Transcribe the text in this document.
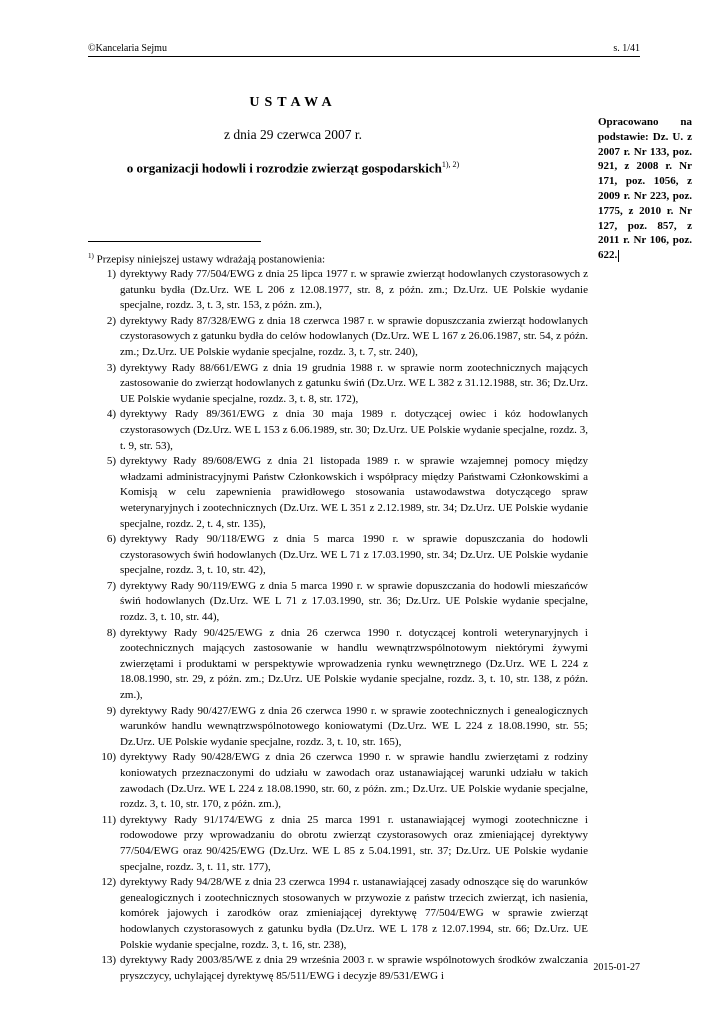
©Kancelaria Sejmu	s. 1/41
USTAWA
z dnia 29 czerwca 2007 r.
o organizacji hodowli i rozrodzie zwierząt gospodarskich$^{1), 2)}$
Opracowano na podstawie: Dz. U. z 2007 r. Nr 133, poz. 921, z 2008 r. Nr 171, poz. 1056, z 2009 r. Nr 223, poz. 1775, z 2010 r. Nr 127, poz. 857, z 2011 r. Nr 106, poz. 622.
$^{1)}$ Przepisy niniejszej ustawy wdrażają postanowienia:
1) dyrektywy Rady 77/504/EWG z dnia 25 lipca 1977 r. w sprawie zwierząt hodowlanych czystorasowych z gatunku bydła (Dz.Urz. WE L 206 z 12.08.1977, str. 8, z późn. zm.; Dz.Urz. UE Polskie wydanie specjalne, rozdz. 3, t. 3, str. 153, z późn. zm.),
2) dyrektywy Rady 87/328/EWG z dnia 18 czerwca 1987 r. w sprawie dopuszczania zwierząt hodowlanych czystorasowych z gatunku bydła do celów hodowlanych (Dz.Urz. WE L 167 z 26.06.1987, str. 54, z późn. zm.; Dz.Urz. UE Polskie wydanie specjalne, rozdz. 3, t. 7, str. 240),
3) dyrektywy Rady 88/661/EWG z dnia 19 grudnia 1988 r. w sprawie norm zootechnicznych mających zastosowanie do zwierząt hodowlanych z gatunku świń (Dz.Urz. WE L 382 z 31.12.1988, str. 36; Dz.Urz. UE Polskie wydanie specjalne, rozdz. 3, t. 8, str. 172),
4) dyrektywy Rady 89/361/EWG z dnia 30 maja 1989 r. dotyczącej owiec i kóz hodowlanych czystorasowych (Dz.Urz. WE L 153 z 6.06.1989, str. 30; Dz.Urz. UE Polskie wydanie specjalne, rozdz. 3, t. 9, str. 53),
5) dyrektywy Rady 89/608/EWG z dnia 21 listopada 1989 r. w sprawie wzajemnej pomocy między władzami administracyjnymi Państw Członkowskich i współpracy między Państwami Członkowskimi a Komisją w celu zapewnienia prawidłowego stosowania ustawodawstwa dotyczącego spraw weterynaryjnych i zootechnicznych (Dz.Urz. WE L 351 z 2.12.1989, str. 34; Dz.Urz. UE Polskie wydanie specjalne, rozdz. 2, t. 4, str. 135),
6) dyrektywy Rady 90/118/EWG z dnia 5 marca 1990 r. w sprawie dopuszczania do hodowli czystorasowych świń hodowlanych (Dz.Urz. WE L 71 z 17.03.1990, str. 34; Dz.Urz. UE Polskie wydanie specjalne, rozdz. 3, t. 10, str. 42),
7) dyrektywy Rady 90/119/EWG z dnia 5 marca 1990 r. w sprawie dopuszczania do hodowli mieszańców świń hodowlanych (Dz.Urz. WE L 71 z 17.03.1990, str. 36; Dz.Urz. UE Polskie wydanie specjalne, rozdz. 3, t. 10, str. 44),
8) dyrektywy Rady 90/425/EWG z dnia 26 czerwca 1990 r. dotyczącej kontroli weterynaryjnych i zootechnicznych mających zastosowanie w handlu wewnątrzwspólnotowym niektórymi żywymi zwierzętami i produktami w perspektywie wprowadzenia rynku wewnętrznego (Dz.Urz. WE L 224 z 18.08.1990, str. 29, z późn. zm.; Dz.Urz. UE Polskie wydanie specjalne, rozdz. 3, t. 10, str. 138, z późn. zm.),
9) dyrektywy Rady 90/427/EWG z dnia 26 czerwca 1990 r. w sprawie zootechnicznych i genealogicznych warunków handlu wewnątrzwspólnotowego koniowatymi (Dz.Urz. WE L 224 z 18.08.1990, str. 55; Dz.Urz. UE Polskie wydanie specjalne, rozdz. 3, t. 10, str. 165),
10) dyrektywy Rady 90/428/EWG z dnia 26 czerwca 1990 r. w sprawie handlu zwierzętami z rodziny koniowatych przeznaczonymi do udziału w zawodach oraz ustanawiającej warunki udziału w takich zawodach (Dz.Urz. WE L 224 z 18.08.1990, str. 60, z późn. zm.; Dz.Urz. UE Polskie wydanie specjalne, rozdz. 3, t. 10, str. 170, z późn. zm.),
11) dyrektywy Rady 91/174/EWG z dnia 25 marca 1991 r. ustanawiającej wymogi zootechniczne i rodowodowe przy wprowadzaniu do obrotu zwierząt czystorasowych oraz zmieniającej dyrektywy 77/504/EWG oraz 90/425/EWG (Dz.Urz. WE L 85 z 5.04.1991, str. 37; Dz.Urz. UE Polskie wydanie specjalne, rozdz. 3, t. 11, str. 177),
12) dyrektywy Rady 94/28/WE z dnia 23 czerwca 1994 r. ustanawiającej zasady odnoszące się do warunków genealogicznych i zootechnicznych stosowanych w przywozie z państw trzecich zwierząt, ich nasienia, komórek jajowych i zarodków oraz zmieniającej dyrektywę 77/504/EWG w sprawie zwierząt hodowlanych czystorasowych z gatunku bydła (Dz.Urz. WE L 178 z 12.07.1994, str. 66; Dz.Urz. UE Polskie wydanie specjalne, rozdz. 3, t. 16, str. 238),
13) dyrektywy Rady 2003/85/WE z dnia 29 września 2003 r. w sprawie wspólnotowych środków zwalczania pryszczycy, uchylającej dyrektywę 85/511/EWG i decyzje 89/531/EWG i
2015-01-27
